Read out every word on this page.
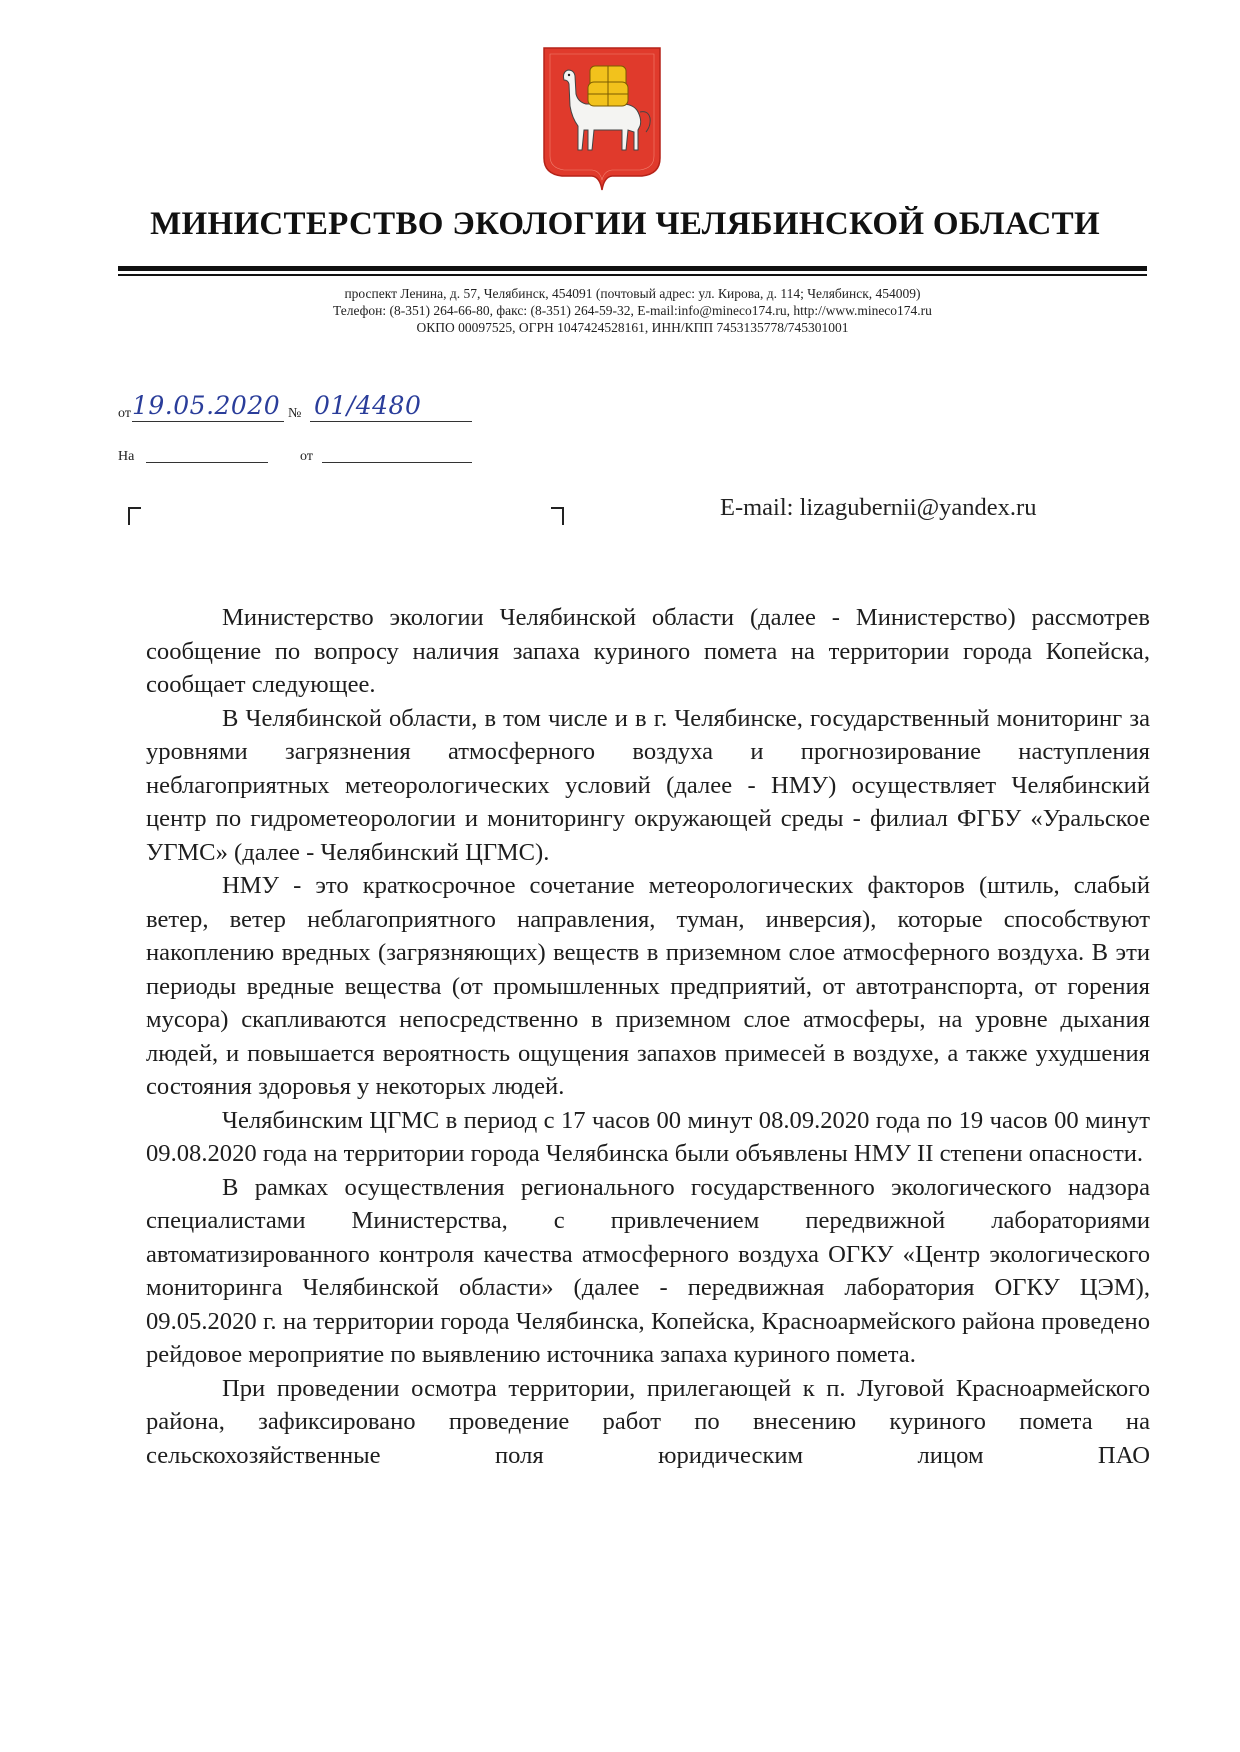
МИНИСТЕРСТВО ЭКОЛОГИИ ЧЕЛЯБИНСКОЙ ОБЛАСТИ
проспект Ленина, д. 57, Челябинск, 454091 (почтовый адрес: ул. Кирова, д. 114; Челябинск, 454009)
Телефон: (8-351) 264-66-80, факс: (8-351) 264-59-32, E-mail:info@mineco174.ru, http://www.mineco174.ru
ОКПО 00097525, ОГРН 1047424528161, ИНН/КПП 7453135778/745301001
от 19.05.2020 № 01/4480
На	от
E-mail: lizagubernii@yandex.ru

Министерство экологии Челябинской области (далее - Министерство) рассмотрев сообщение по вопросу наличия запаха куриного помета на территории города Копейска, сообщает следующее.

В Челябинской области, в том числе и в г. Челябинске, государственный мониторинг за уровнями загрязнения атмосферного воздуха и прогнозирование наступления неблагоприятных метеорологических условий (далее - НМУ) осуществляет Челябинский центр по гидрометеорологии и мониторингу окружающей среды - филиал ФГБУ «Уральское УГМС» (далее - Челябинский ЦГМС).

НМУ - это краткосрочное сочетание метеорологических факторов (штиль, слабый ветер, ветер неблагоприятного направления, туман, инверсия), которые способствуют накоплению вредных (загрязняющих) веществ в приземном слое атмосферного воздуха. В эти периоды вредные вещества (от промышленных предприятий, от автотранспорта, от горения мусора) скапливаются непосредственно в приземном слое атмосферы, на уровне дыхания людей, и повышается вероятность ощущения запахов примесей в воздухе, а также ухудшения состояния здоровья у некоторых людей.

Челябинским ЦГМС в период с 17 часов 00 минут 08.09.2020 года по 19 часов 00 минут 09.08.2020 года на территории города Челябинска были объявлены НМУ II степени опасности.

В рамках осуществления регионального государственного экологического надзора специалистами Министерства, с привлечением передвижной лабораториями автоматизированного контроля качества атмосферного воздуха ОГКУ «Центр экологического мониторинга Челябинской области» (далее - передвижная лаборатория ОГКУ ЦЭМ), 09.05.2020 г. на территории города Челябинска, Копейска, Красноармейского района проведено рейдовое мероприятие по выявлению источника запаха куриного помета.

При проведении осмотра территории, прилегающей к п. Луговой Красноармейского района, зафиксировано проведение работ по внесению куриного помета на сельскохозяйственные поля юридическим лицом ПАО
